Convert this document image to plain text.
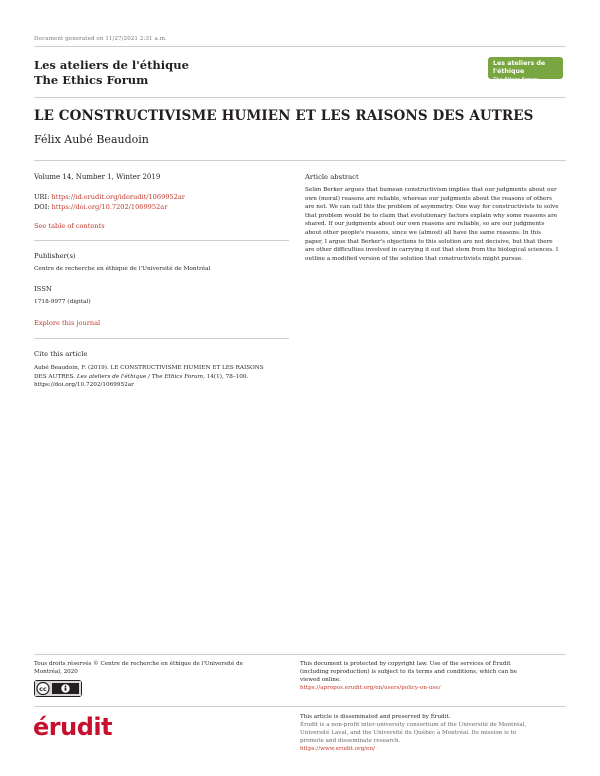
Document generated on 11/27/2021 2:31 a.m.
Les ateliers de l'éthique
The Ethics Forum
Les ateliers de l'éthique
The Ethics Forum
LE CONSTRUCTIVISME HUMIEN ET LES RAISONS DES AUTRES
Félix Aubé Beaudoin
Volume 14, Number 1, Winter 2019
URI: https://id.erudit.org/iderudit/1069952ar
DOI: https://doi.org/10.7202/1069952ar
See table of contents
Publisher(s)
Centre de recherche en éthique de l'Université de Montréal
ISSN
1718-9977 (digital)
Explore this journal
Cite this article
Aubé Beaudoin, F. (2019). LE CONSTRUCTIVISME HUMIEN ET LES RAISONS
DES AUTRES. Les ateliers de l'éthique / The Ethics Forum, 14(1), 78–100.
https://doi.org/10.7202/1069952ar
Article abstract
Selim Berker argues that humean constructivism implies that our judgments about our own (moral) reasons are reliable, whereas our judgments about the reasons of others are not. We can call this the problem of asymmetry. One way for constructivists to solve that problem would be to claim that evolutionary factors explain why some reasons are shared. If our judgments about our own reasons are reliable, so are our judgments about other people's reasons, since we (almost) all have the same reasons. In this paper, I argue that Berker's objections to this solution are not decisive, but that there are other difficulties involved in carrying it out that stem from the biological sciences. I outline a modified version of the solution that constructivists might pursue.
Tous droits réservés © Centre de recherche en éthique de l'Université de
Montréal, 2020
cc
This document is protected by copyright law. Use of the services of Érudit
(including reproduction) is subject to its terms and conditions, which can be
viewed online.
https://apropos.erudit.org/en/users/policy-on-use/
érudit	This article is disseminated and preserved by Érudit.
Érudit is a non-profit inter-university consortium of the Université de Montréal,
Université Laval, and the Université du Québec à Montréal. Its mission is to
promote and disseminate research.
https://www.erudit.org/en/
